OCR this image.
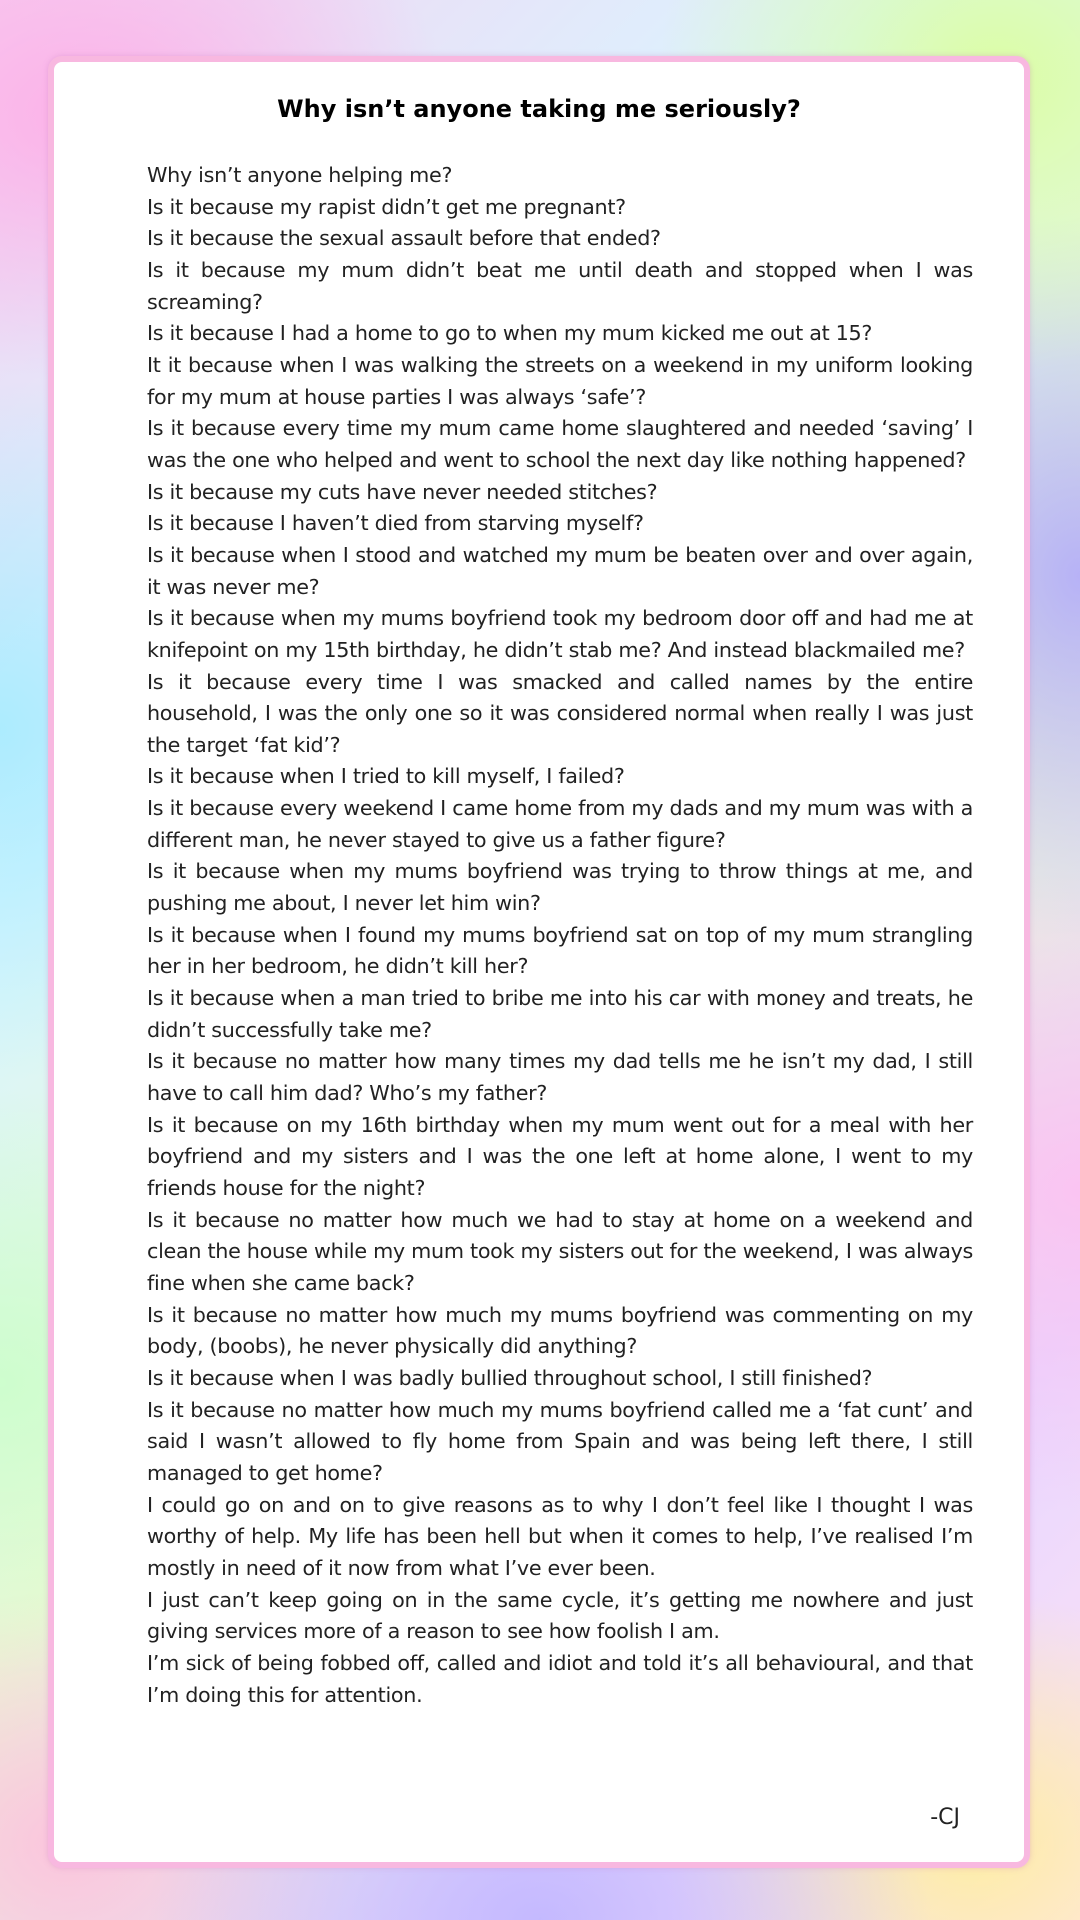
Why isn’t anyone taking me seriously?

Why isn’t anyone helping me?

Is it because my rapist didn’t get me pregnant?

Is it because the sexual assault before that ended?

Is it because my mum didn’t beat me until death and stopped when I was screaming?

Is it because I had a home to go to when my mum kicked me out at 15?

It it because when I was walking the streets on a weekend in my uniform looking for my mum at house parties I was always ‘safe’?

Is it because every time my mum came home slaughtered and needed ‘saving’ I was the one who helped and went to school the next day like nothing happened?

Is it because my cuts have never needed stitches?

Is it because I haven’t died from starving myself?

Is it because when I stood and watched my mum be beaten over and over again, it was never me?

Is it because when my mums boyfriend took my bedroom door off and had me at knifepoint on my 15th birthday, he didn’t stab me? And instead blackmailed me?

Is it because every time I was smacked and called names by the entire household, I was the only one so it was considered normal when really I was just the target ‘fat kid’?

Is it because when I tried to kill myself, I failed?

Is it because every weekend I came home from my dads and my mum was with a different man, he never stayed to give us a father figure?

Is it because when my mums boyfriend was trying to throw things at me, and pushing me about, I never let him win?

Is it because when I found my mums boyfriend sat on top of my mum strangling her in her bedroom, he didn’t kill her?

Is it because when a man tried to bribe me into his car with money and treats, he didn’t successfully take me?

Is it because no matter how many times my dad tells me he isn’t my dad, I still have to call him dad? Who’s my father?

Is it because on my 16th birthday when my mum went out for a meal with her boyfriend and my sisters and I was the one left at home alone, I went to my friends house for the night?

Is it because no matter how much we had to stay at home on a weekend and clean the house while my mum took my sisters out for the weekend, I was always fine when she came back?

Is it because no matter how much my mums boyfriend was commenting on my body, (boobs), he never physically did anything?

Is it because when I was badly bullied throughout school, I still finished?

Is it because no matter how much my mums boyfriend called me a ‘fat cunt’ and said I wasn’t allowed to fly home from Spain and was being left there, I still managed to get home?

I could go on and on to give reasons as to why I don’t feel like I thought I was worthy of help. My life has been hell but when it comes to help, I’ve realised I’m mostly in need of it now from what I’ve ever been.

I just can’t keep going on in the same cycle, it’s getting me nowhere and just giving services more of a reason to see how foolish I am.

I’m sick of being fobbed off, called and idiot and told it’s all behavioural, and that I’m doing this for attention.

-CJ
